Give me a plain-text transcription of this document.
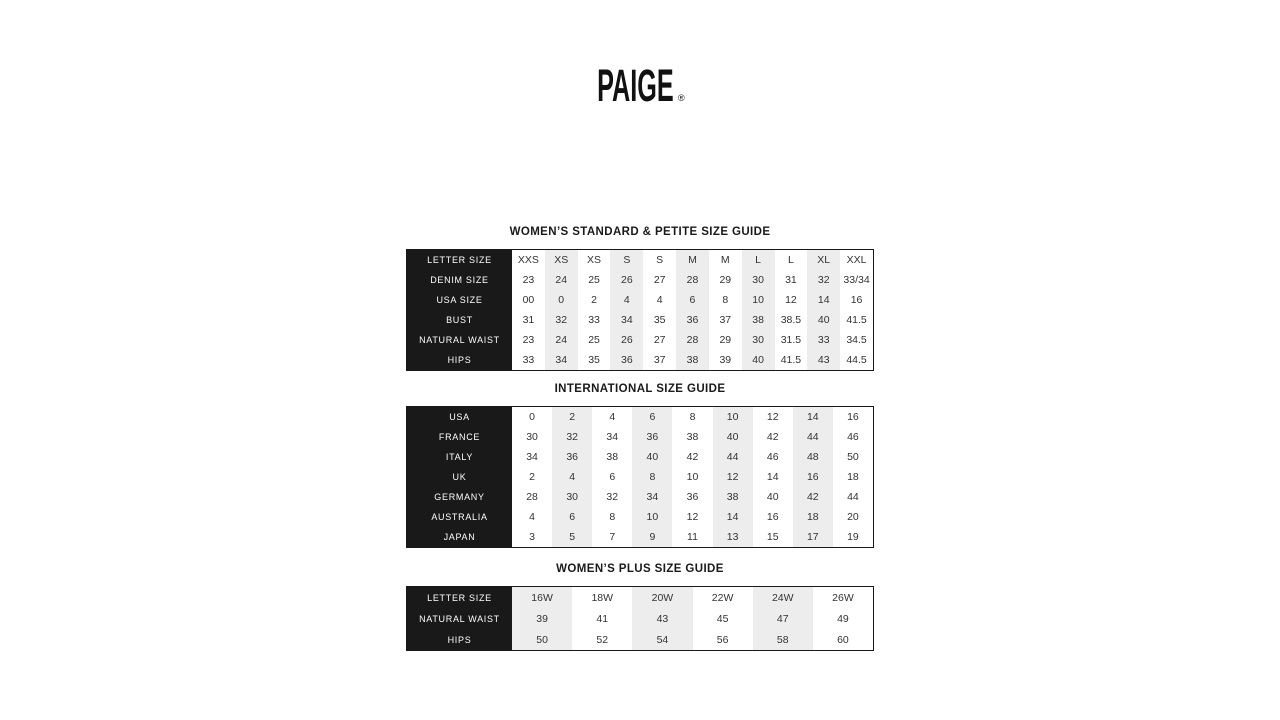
PAIGE ®
WOMEN’S STANDARD & PETITE SIZE GUIDE
LETTER SIZE	XXS	XS	XS	S	S	M	M	L	L	XL	XXL
DENIM SIZE	23	24	25	26	27	28	29	30	31	32	33/34
USA SIZE	00	0	2	4	4	6	8	10	12	14	16
BUST	31	32	33	34	35	36	37	38	38.5	40	41.5
NATURAL WAIST	23	24	25	26	27	28	29	30	31.5	33	34.5
HIPS	33	34	35	36	37	38	39	40	41.5	43	44.5
INTERNATIONAL SIZE GUIDE
USA	0	2	4	6	8	10	12	14	16
FRANCE	30	32	34	36	38	40	42	44	46
ITALY	34	36	38	40	42	44	46	48	50
UK	2	4	6	8	10	12	14	16	18
GERMANY	28	30	32	34	36	38	40	42	44
AUSTRALIA	4	6	8	10	12	14	16	18	20
JAPAN	3	5	7	9	11	13	15	17	19
WOMEN’S PLUS SIZE GUIDE
LETTER SIZE	16W	18W	20W	22W	24W	26W
NATURAL WAIST	39	41	43	45	47	49
HIPS	50	52	54	56	58	60
